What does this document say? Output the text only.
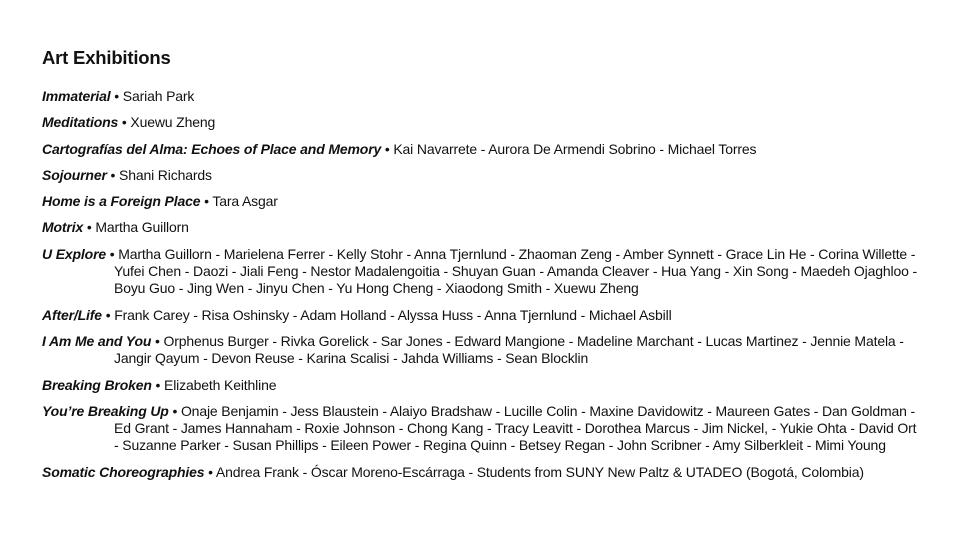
Art Exhibitions
Immaterial • Sariah Park
Meditations • Xuewu Zheng
Cartografías del Alma: Echoes of Place and Memory • Kai Navarrete - Aurora De Armendi Sobrino - Michael Torres
Sojourner • Shani Richards
Home is a Foreign Place • Tara Asgar
Motrix • Martha Guillorn
U Explore • Martha Guillorn - Marielena Ferrer - Kelly Stohr - Anna Tjernlund - Zhaoman Zeng - Amber Synnett - Grace Lin He - Corina Willette - Yufei Chen - Daozi - Jiali Feng - Nestor Madalengoitia - Shuyan Guan - Amanda Cleaver - Hua Yang - Xin Song - Maedeh Ojaghloo - Boyu Guo - Jing Wen - Jinyu Chen - Yu Hong Cheng - Xiaodong Smith - Xuewu Zheng
After/Life • Frank Carey - Risa Oshinsky - Adam Holland - Alyssa Huss - Anna Tjernlund - Michael Asbill
I Am Me and You • Orphenus Burger - Rivka Gorelick - Sar Jones - Edward Mangione - Madeline Marchant - Lucas Martinez - Jennie Matela - Jangir Qayum - Devon Reuse - Karina Scalisi - Jahda Williams - Sean Blocklin
Breaking Broken • Elizabeth Keithline
You’re Breaking Up • Onaje Benjamin - Jess Blaustein - Alaiyo Bradshaw - Lucille Colin - Maxine Davidowitz - Maureen Gates - Dan Goldman - Ed Grant - James Hannaham - Roxie Johnson - Chong Kang - Tracy Leavitt - Dorothea Marcus - Jim Nickel, - Yukie Ohta - David Ort - Suzanne Parker - Susan Phillips - Eileen Power - Regina Quinn - Betsey Regan - John Scribner - Amy Silberkleit - Mimi Young
Somatic Choreographies • Andrea Frank - Óscar Moreno-Escárraga - Students from SUNY New Paltz & UTADEO (Bogotá, Colombia)
